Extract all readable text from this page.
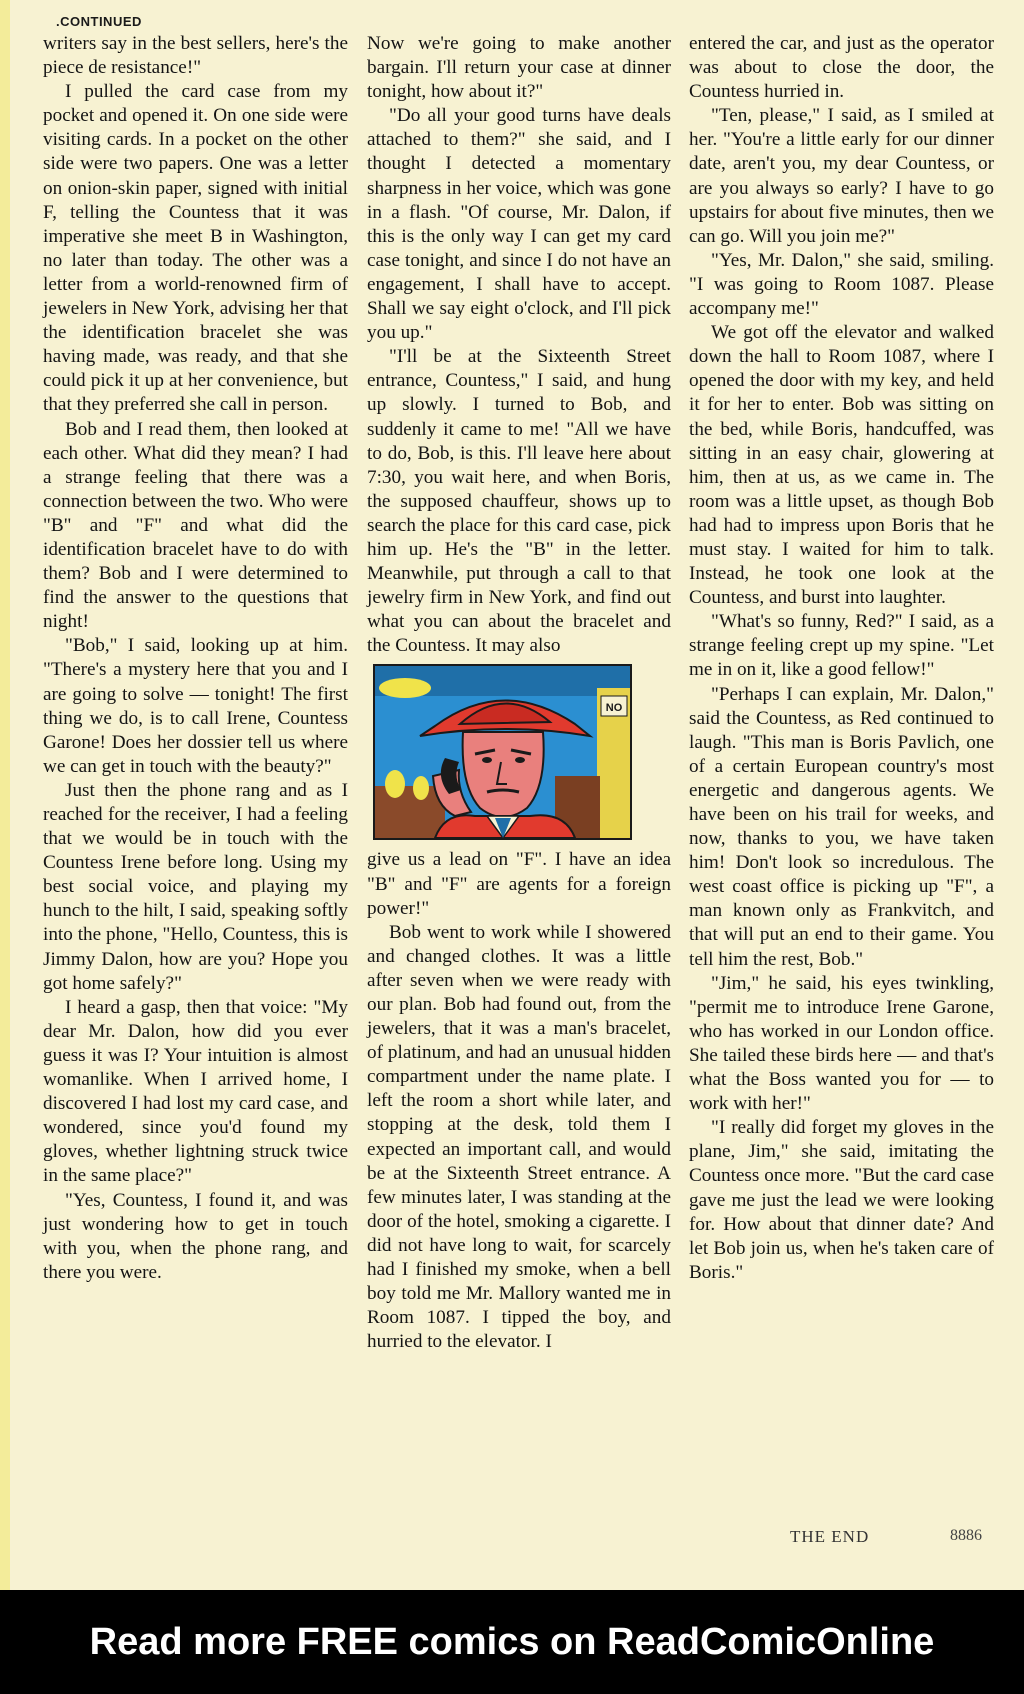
.CONTINUED

writers say in the best sellers, here's the piece de resistance!"

I pulled the card case from my pocket and opened it. On one side were visiting cards. In a pocket on the other side were two papers. One was a letter on onion-skin paper, signed with initial F, telling the Countess that it was imperative she meet B in Washington, no later than today. The other was a letter from a world-renowned firm of jewelers in New York, advising her that the identification bracelet she was having made, was ready, and that she could pick it up at her convenience, but that they preferred she call in person.

Bob and I read them, then looked at each other. What did they mean? I had a strange feeling that there was a connection between the two. Who were "B" and "F" and what did the identification bracelet have to do with them? Bob and I were determined to find the answer to the questions that night!

"Bob," I said, looking up at him. "There's a mystery here that you and I are going to solve — tonight! The first thing we do, is to call Irene, Countess Garone! Does her dossier tell us where we can get in touch with the beauty?"

Just then the phone rang and as I reached for the receiver, I had a feeling that we would be in touch with the Countess Irene before long. Using my best social voice, and playing my hunch to the hilt, I said, speaking softly into the phone, "Hello, Countess, this is Jimmy Dalon, how are you? Hope you got home safely?"

I heard a gasp, then that voice: "My dear Mr. Dalon, how did you ever guess it was I? Your intuition is almost womanlike. When I arrived home, I discovered I had lost my card case, and wondered, since you'd found my gloves, whether lightning struck twice in the same place?"

"Yes, Countess, I found it, and was just wondering how to get in touch with you, when the phone rang, and there you were.

Now we're going to make another bargain. I'll return your case at dinner tonight, how about it?"

"Do all your good turns have deals attached to them?" she said, and I thought I detected a momentary sharpness in her voice, which was gone in a flash. "Of course, Mr. Dalon, if this is the only way I can get my card case tonight, and since I do not have an engagement, I shall have to accept. Shall we say eight o'clock, and I'll pick you up."

"I'll be at the Sixteenth Street entrance, Countess," I said, and hung up slowly. I turned to Bob, and suddenly it came to me! "All we have to do, Bob, is this. I'll leave here about 7:30, you wait here, and when Boris, the supposed chauffeur, shows up to search the place for this card case, pick him up. He's the "B" in the letter. Meanwhile, put through a call to that jewelry firm in New York, and find out what you can about the bracelet and the Countess. It may also

NO

give us a lead on "F". I have an idea "B" and "F" are agents for a foreign power!"

Bob went to work while I showered and changed clothes. It was a little after seven when we were ready with our plan. Bob had found out, from the jewelers, that it was a man's bracelet, of platinum, and had an unusual hidden compartment under the name plate. I left the room a short while later, and stopping at the desk, told them I expected an important call, and would be at the Sixteenth Street entrance. A few minutes later, I was standing at the door of the hotel, smoking a cigarette. I did not have long to wait, for scarcely had I finished my smoke, when a bell boy told me Mr. Mallory wanted me in Room 1087. I tipped the boy, and hurried to the elevator. I

entered the car, and just as the operator was about to close the door, the Countess hurried in.

"Ten, please," I said, as I smiled at her. "You're a little early for our dinner date, aren't you, my dear Countess, or are you always so early? I have to go upstairs for about five minutes, then we can go. Will you join me?"

"Yes, Mr. Dalon," she said, smiling. "I was going to Room 1087. Please accompany me!"

We got off the elevator and walked down the hall to Room 1087, where I opened the door with my key, and held it for her to enter. Bob was sitting on the bed, while Boris, handcuffed, was sitting in an easy chair, glowering at him, then at us, as we came in. The room was a little upset, as though Bob had had to impress upon Boris that he must stay. I waited for him to talk. Instead, he took one look at the Countess, and burst into laughter.

"What's so funny, Red?" I said, as a strange feeling crept up my spine. "Let me in on it, like a good fellow!"

"Perhaps I can explain, Mr. Dalon," said the Countess, as Red continued to laugh. "This man is Boris Pavlich, one of a certain European country's most energetic and dangerous agents. We have been on his trail for weeks, and now, thanks to you, we have taken him! Don't look so incredulous. The west coast office is picking up "F", a man known only as Frankvitch, and that will put an end to their game. You tell him the rest, Bob."

"Jim," he said, his eyes twinkling, "permit me to introduce Irene Garone, who has worked in our London office. She tailed these birds here — and that's what the Boss wanted you for — to work with her!"

"I really did forget my gloves in the plane, Jim," she said, imitating the Countess once more. "But the card case gave me just the lead we were looking for. How about that dinner date? And let Bob join us, when he's taken care of Boris."

THE END	8886
Read more FREE comics on ReadComicOnline
